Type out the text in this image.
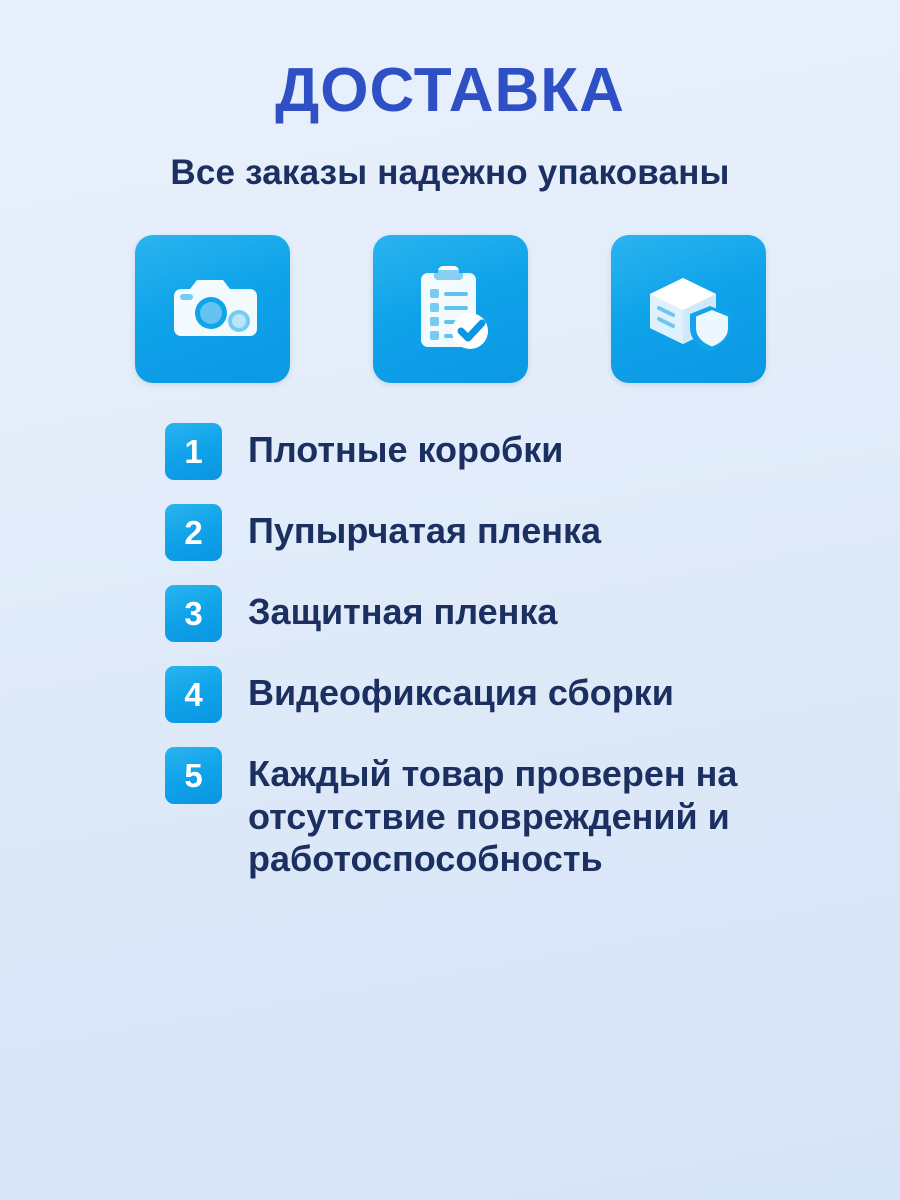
ДОСТАВКА
Все заказы надежно упакованы
1	Плотные коробки
2	Пупырчатая пленка
3	Защитная пленка
4	Видеофиксация сборки
5	Каждый товар проверен на отсутствие повреждений и работоспособность
